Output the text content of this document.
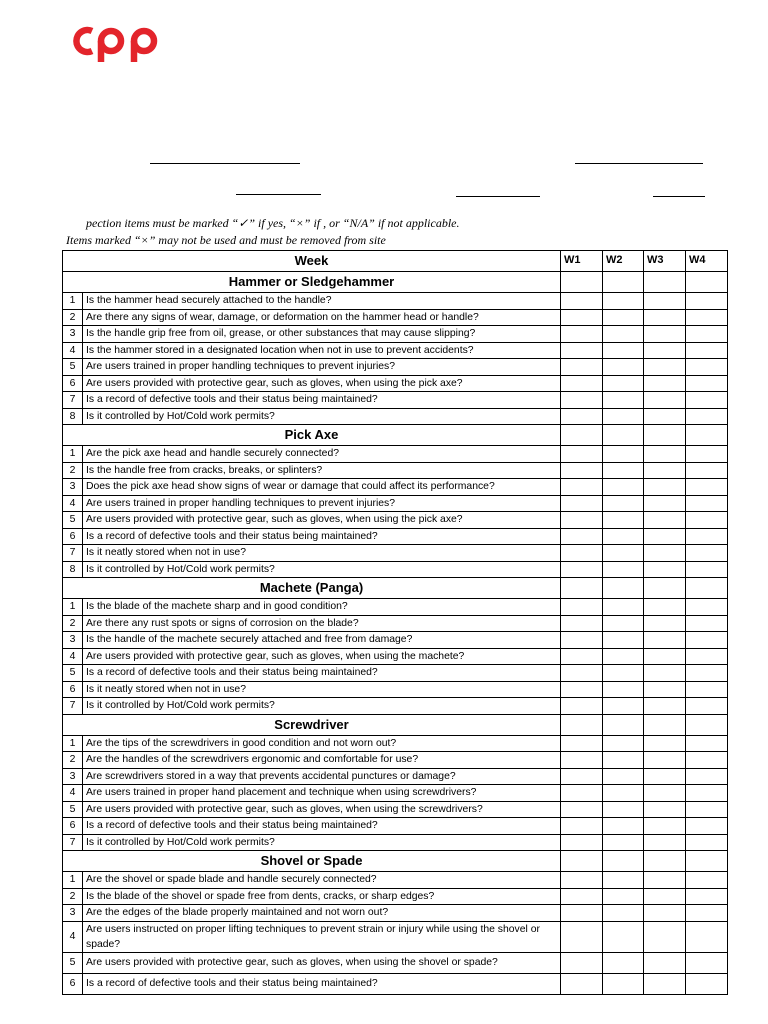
pection items must be marked “✓” if yes, “×” if , or “N/A” if not applicable.
Items marked “×” may not be used and must be removed from site
Week		W1	W2	W3	W4
Hammer or Sledgehammer					
1	Is the hammer head securely attached to the handle?				
2	Are there any signs of wear, damage, or deformation on the hammer head or handle?				
3	Is the handle grip free from oil, grease, or other substances that may cause slipping?				
4	Is the hammer stored in a designated location when not in use to prevent accidents?				
5	Are users trained in proper handling techniques to prevent injuries?				
6	Are users provided with protective gear, such as gloves, when using the pick axe?				
7	Is a record of defective tools and their status being maintained?				
8	Is it controlled by Hot/Cold work permits?				
Pick Axe					
1	Are the pick axe head and handle securely connected?				
2	Is the handle free from cracks, breaks, or splinters?				
3	Does the pick axe head show signs of wear or damage that could affect its performance?				
4	Are users trained in proper handling techniques to prevent injuries?				
5	Are users provided with protective gear, such as gloves, when using the pick axe?				
6	Is a record of defective tools and their status being maintained?				
7	Is it neatly stored when not in use?				
8	Is it controlled by Hot/Cold work permits?				
Machete (Panga)					
1	Is the blade of the machete sharp and in good condition?				
2	Are there any rust spots or signs of corrosion on the blade?				
3	Is the handle of the machete securely attached and free from damage?				
4	Are users provided with protective gear, such as gloves, when using the machete?				
5	Is a record of defective tools and their status being maintained?				
6	Is it neatly stored when not in use?				
7	Is it controlled by Hot/Cold work permits?				
Screwdriver					
1	Are the tips of the screwdrivers in good condition and not worn out?				
2	Are the handles of the screwdrivers ergonomic and comfortable for use?				
3	Are screwdrivers stored in a way that prevents accidental punctures or damage?				
4	Are users trained in proper hand placement and technique when using screwdrivers?				
5	Are users provided with protective gear, such as gloves, when using the screwdrivers?				
6	Is a record of defective tools and their status being maintained?				
7	Is it controlled by Hot/Cold work permits?				
Shovel or Spade					
1	Are the shovel or spade blade and handle securely connected?				
2	Is the blade of the shovel or spade free from dents, cracks, or sharp edges?				
3	Are the edges of the blade properly maintained and not worn out?				
4	Are users instructed on proper lifting techniques to prevent strain or injury while using the shovel or spade?				
5	Are users provided with protective gear, such as gloves, when using the shovel or spade?				
6	Is a record of defective tools and their status being maintained?				
